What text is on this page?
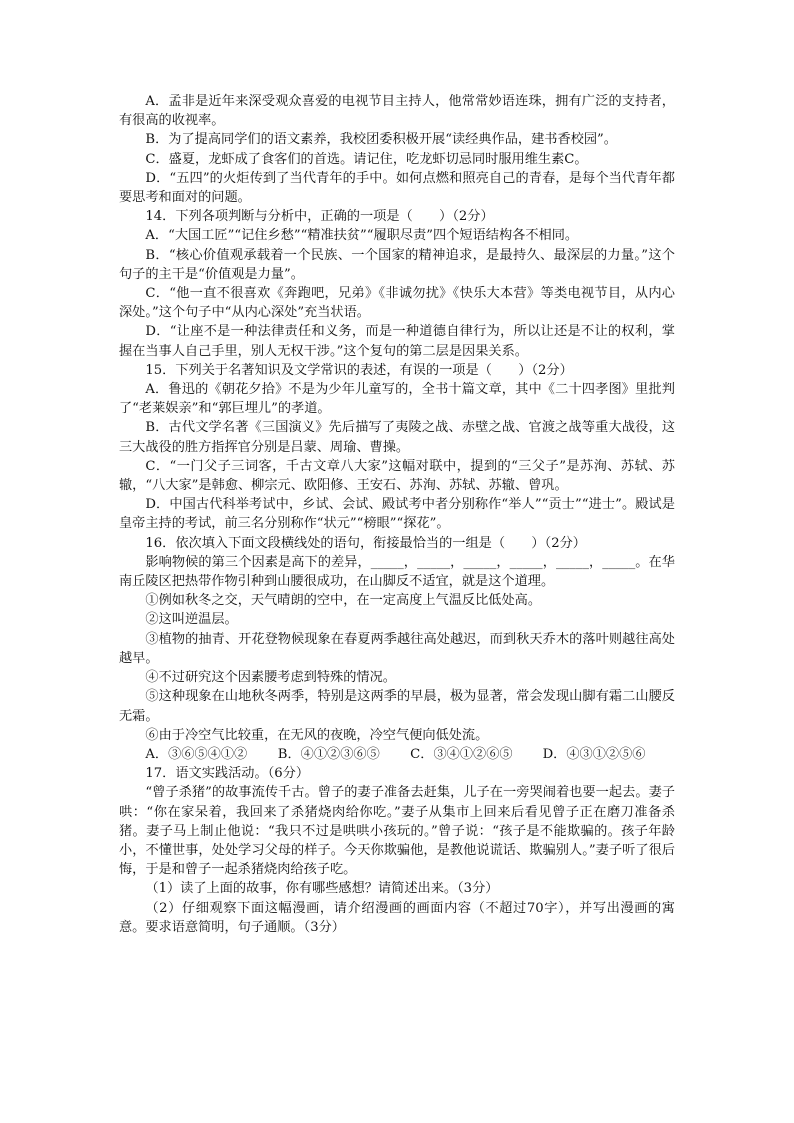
A．孟非是近年来深受观众喜爱的电视节目主持人，他常常妙语连珠，拥有广泛的支持者，有很高的收视率。

B．为了提高同学们的语文素养，我校团委积极开展“读经典作品，建书香校园”。

C．盛夏，龙虾成了食客们的首选。请记住，吃龙虾切忌同时服用维生素C。

D．“五四”的火炬传到了当代青年的手中。如何点燃和照亮自己的青春，是每个当代青年都要思考和面对的问题。

14．下列各项判断与分析中，正确的一项是（　　）（2分）

A．“大国工匠”“记住乡愁”“精准扶贫”“履职尽责”四个短语结构各不相同。

B．“核心价值观承载着一个民族、一个国家的精神追求，是最持久、最深层的力量。”这个句子的主干是“价值观是力量”。

C．“他一直不很喜欢《奔跑吧，兄弟》《非诚勿扰》《快乐大本营》等类电视节目，从内心深处。”这个句子中“从内心深处”充当状语。

D．“让座不是一种法律责任和义务，而是一种道德自律行为，所以让还是不让的权利，掌握在当事人自己手里，别人无权干涉。”这个复句的第二层是因果关系。

15．下列关于名著知识及文学常识的表述，有误的一项是（　　）（2分）

A．鲁迅的《朝花夕拾》不是为少年儿童写的，全书十篇文章，其中《二十四孝图》里批判了“老莱娱亲”和“郭巨埋儿”的孝道。

B．古代文学名著《三国演义》先后描写了夷陵之战、赤壁之战、官渡之战等重大战役，这三大战役的胜方指挥官分别是吕蒙、周瑜、曹操。

C．“一门父子三词客，千古文章八大家”这幅对联中，提到的“三父子”是苏洵、苏轼、苏辙，“八大家”是韩愈、柳宗元、欧阳修、王安石、苏洵、苏轼、苏辙、曾巩。

D．中国古代科举考试中，乡试、会试、殿试考中者分别称作“举人”“贡士”“进士”。殿试是皇帝主持的考试，前三名分别称作“状元”“榜眼”“探花”。

16．依次填入下面文段横线处的语句，衔接最恰当的一组是（　　）（2分）

影响物候的第三个因素是高下的差异，_____，_____，_____，_____，_____，_____。在华南丘陵区把热带作物引种到山腰很成功，在山脚反不适宜，就是这个道理。

①例如秋冬之交，天气晴朗的空中，在一定高度上气温反比低处高。

②这叫逆温层。

③植物的抽青、开花登物候现象在春夏两季越往高处越迟，而到秋天乔木的落叶则越往高处越早。

④不过研究这个因素腰考虑到特殊的情况。

⑤这种现象在山地秋冬两季，特别是这两季的早晨，极为显著，常会发现山脚有霜二山腰反无霜。

⑥由于冷空气比较重，在无风的夜晚，冷空气便向低处流。

A．③⑥⑤④①②	B．④①②③⑥⑤	C．③④①②⑥⑤	D．④③①②⑤⑥

17．语文实践活动。（6分）

“曾子杀猪”的故事流传千古。曾子的妻子准备去赶集，儿子在一旁哭闹着也要一起去。妻子哄：“你在家呆着，我回来了杀猪烧肉给你吃。”妻子从集市上回来后看见曾子正在磨刀准备杀猪。妻子马上制止他说：“我只不过是哄哄小孩玩的。”曾子说：“孩子是不能欺骗的。孩子年龄小，不懂世事，处处学习父母的样子。今天你欺骗他，是教他说谎话、欺骗别人。”妻子听了很后悔，于是和曾子一起杀猪烧肉给孩子吃。

（1）读了上面的故事，你有哪些感想？请简述出来。（3分）

（2）仔细观察下面这幅漫画，请介绍漫画的画面内容（不超过70字），并写出漫画的寓意。要求语意简明，句子通顺。（3分）
